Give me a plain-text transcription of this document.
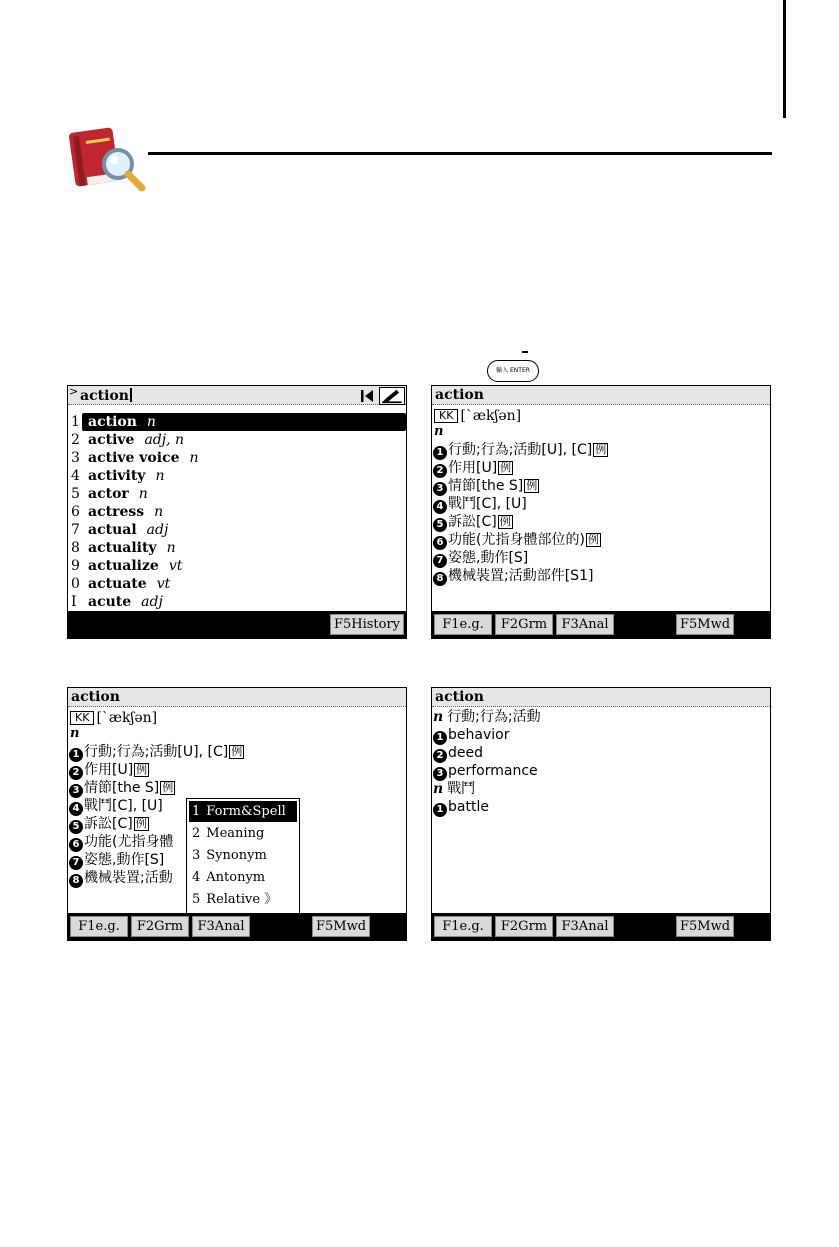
輸入 ENTER
> action
1 action n
2 active adj, n
3 active voice n
4 activity n
5 actor n
6 actress n
7 actual adj
8 actuality n
9 actualize vt
0 actuate vt
I acute adj
F5History
action
KK [ˋækʃən]
n
1 行動;行為;活動[U], [C] 例
2 作用[U] 例
3 情節[the S] 例
4 戰鬥[C], [U]
5 訴訟[C] 例
6 功能(尤指身體部位的) 例
7 姿態,動作[S]
8 機械裝置;活動部件[S1]
F1e.g.	F2Grm	F3Anal	F5Mwd
action
KK [ˋækʃən]
n
1 行動;行為;活動[U], [C] 例
2 作用[U] 例
3 情節[the S] 例
4 戰鬥[C], [U]
5 訴訟[C] 例
6 功能(尤指身體
7 姿態,動作[S]
8 機械裝置;活動
1 Form&Spell
2 Meaning
3 Synonym
4 Antonym
5 Relative 》
F1e.g.	F2Grm	F3Anal	F5Mwd
action
n 行動;行為;活動
1 behavior
2 deed
3 performance
n 戰鬥
1 battle
F1e.g.	F2Grm	F3Anal	F5Mwd
